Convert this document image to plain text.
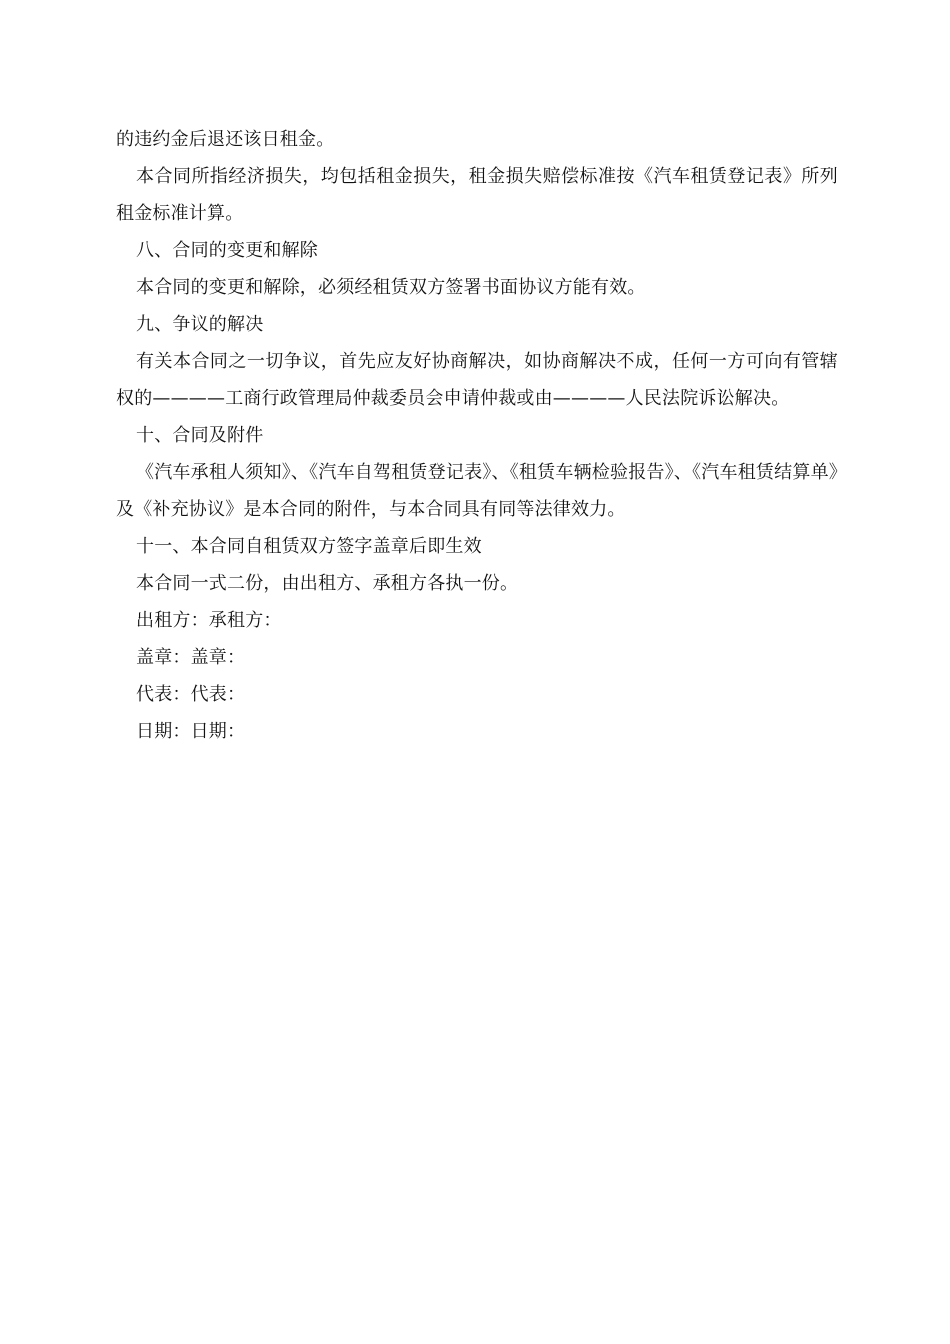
的违约金后退还该日租金。

本合同所指经济损失，均包括租金损失，租金损失赔偿标准按《汽车租赁登记表》所列租金标准计算。

八、合同的变更和解除

本合同的变更和解除，必须经租赁双方签署书面协议方能有效。

九、争议的解决

有关本合同之一切争议，首先应友好协商解决，如协商解决不成，任何一方可向有管辖权的————工商行政管理局仲裁委员会申请仲裁或由————人民法院诉讼解决。

十、合同及附件

《汽车承租人须知》、《汽车自驾租赁登记表》、《租赁车辆检验报告》、《汽车租赁结算单》及《补充协议》是本合同的附件，与本合同具有同等法律效力。

十一、本合同自租赁双方签字盖章后即生效

本合同一式二份，由出租方、承租方各执一份。

出租方：承租方：

盖章：盖章：

代表：代表：

日期：日期：
